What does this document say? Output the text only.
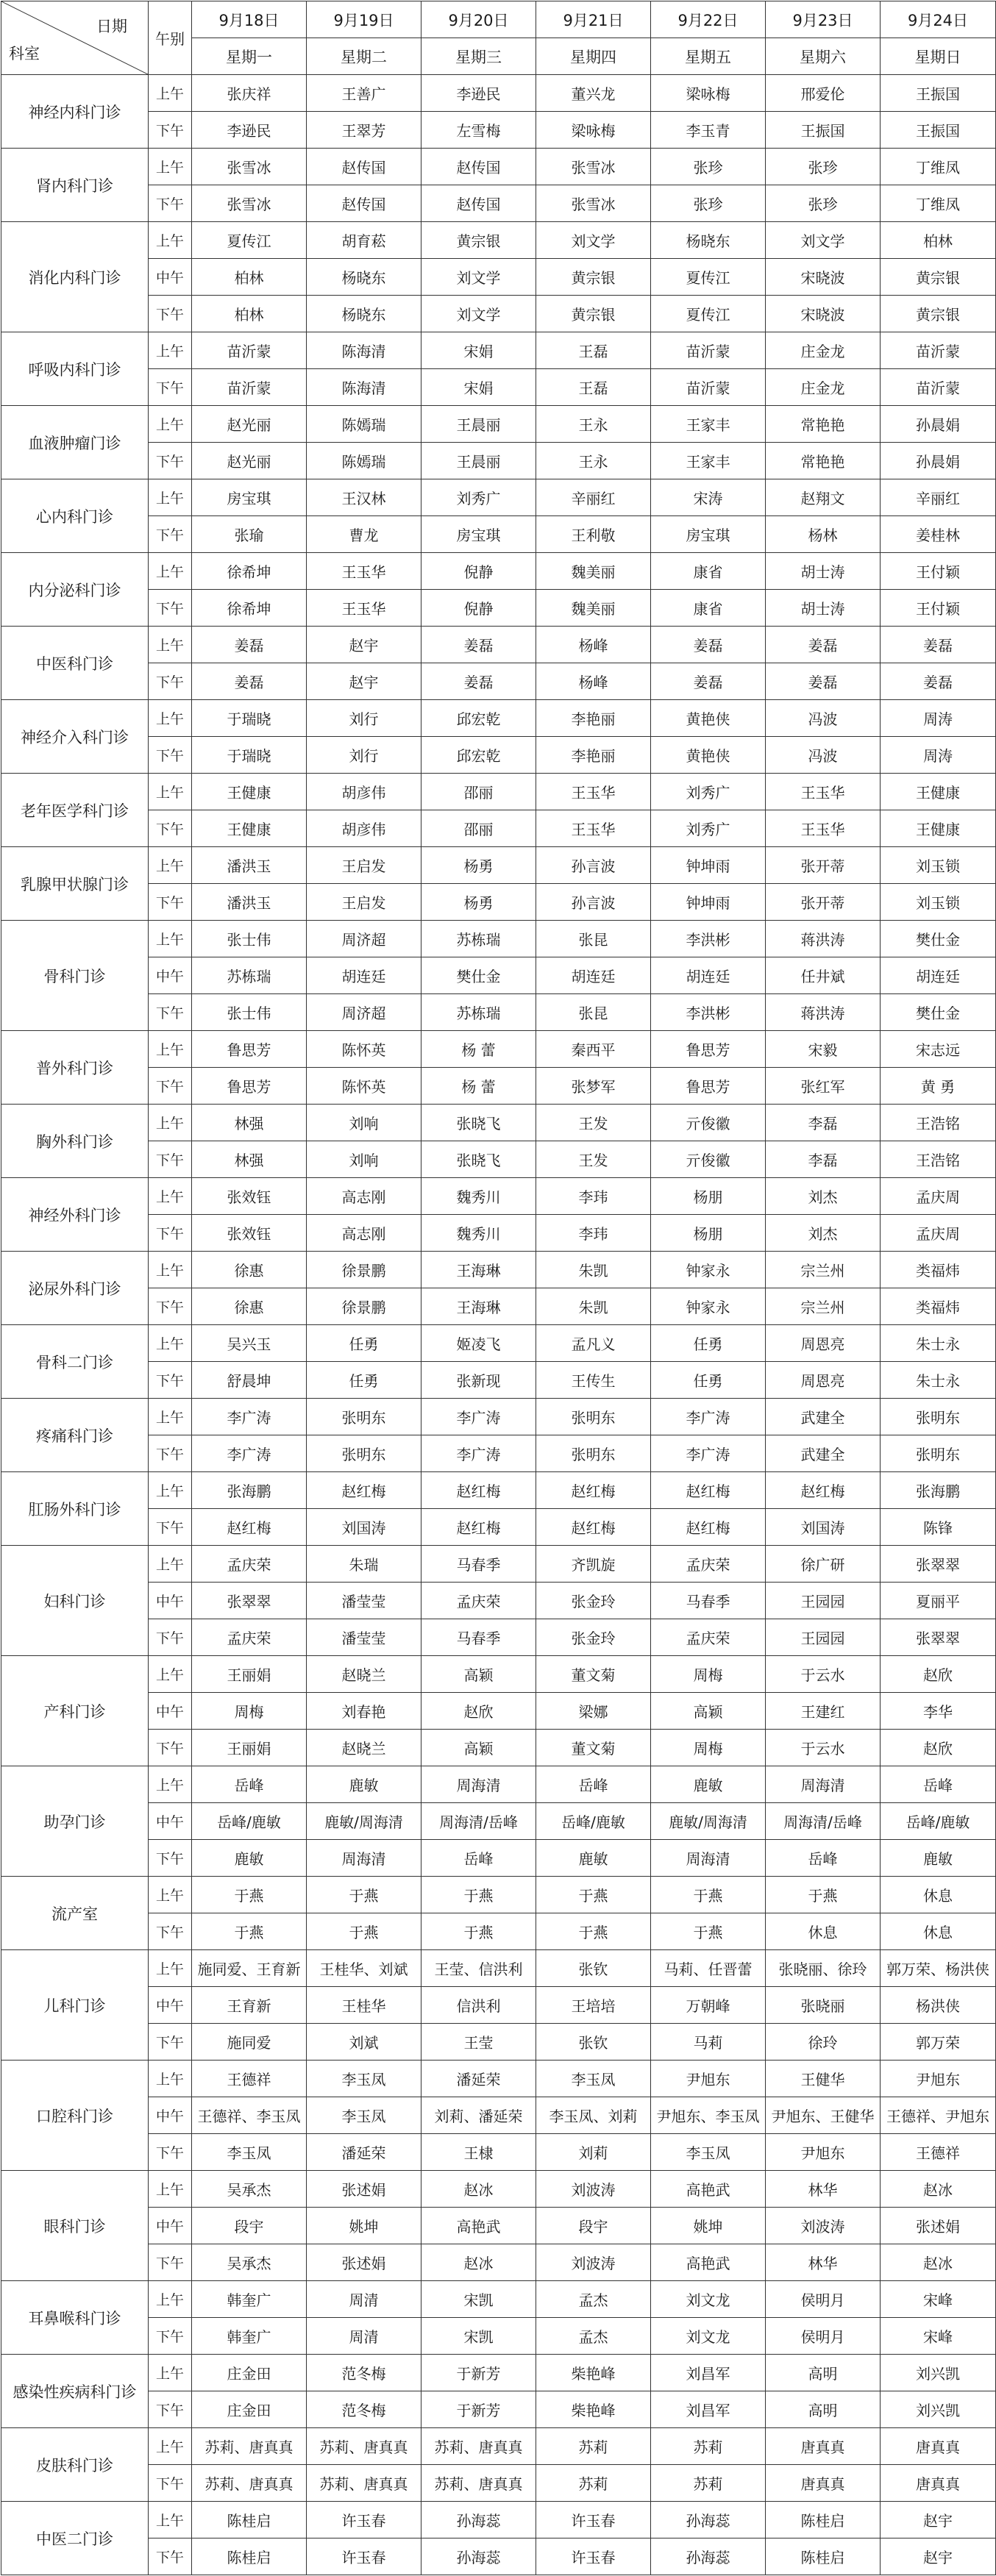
日期
科室	午别	9月18日	9月19日	9月20日	9月21日	9月22日	9月23日	9月24日
		星期一	星期二	星期三	星期四	星期五	星期六	星期日
神经内科门诊	上午	张庆祥	王善广	李逊民	董兴龙	梁咏梅	邢爱伦	王振国
	下午	李逊民	王翠芳	左雪梅	梁咏梅	李玉青	王振国	王振国
肾内科门诊	上午	张雪冰	赵传国	赵传国	张雪冰	张珍	张珍	丁维凤
	下午	张雪冰	赵传国	赵传国	张雪冰	张珍	张珍	丁维凤
消化内科门诊	上午	夏传江	胡育菘	黄宗银	刘文学	杨晓东	刘文学	柏林
	中午	柏林	杨晓东	刘文学	黄宗银	夏传江	宋晓波	黄宗银
	下午	柏林	杨晓东	刘文学	黄宗银	夏传江	宋晓波	黄宗银
呼吸内科门诊	上午	苗沂蒙	陈海清	宋娟	王磊	苗沂蒙	庄金龙	苗沂蒙
	下午	苗沂蒙	陈海清	宋娟	王磊	苗沂蒙	庄金龙	苗沂蒙
血液肿瘤门诊	上午	赵光丽	陈嫣瑞	王晨丽	王永	王家丰	常艳艳	孙晨娟
	下午	赵光丽	陈嫣瑞	王晨丽	王永	王家丰	常艳艳	孙晨娟
心内科门诊	上午	房宝琪	王汉林	刘秀广	辛丽红	宋涛	赵翔文	辛丽红
	下午	张瑜	曹龙	房宝琪	王利敬	房宝琪	杨林	姜桂林
内分泌科门诊	上午	徐希坤	王玉华	倪静	魏美丽	康省	胡士涛	王付颖
	下午	徐希坤	王玉华	倪静	魏美丽	康省	胡士涛	王付颖
中医科门诊	上午	姜磊	赵宇	姜磊	杨峰	姜磊	姜磊	姜磊
	下午	姜磊	赵宇	姜磊	杨峰	姜磊	姜磊	姜磊
神经介入科门诊	上午	于瑞晓	刘行	邱宏乾	李艳丽	黄艳侠	冯波	周涛
	下午	于瑞晓	刘行	邱宏乾	李艳丽	黄艳侠	冯波	周涛
老年医学科门诊	上午	王健康	胡彦伟	邵丽	王玉华	刘秀广	王玉华	王健康
	下午	王健康	胡彦伟	邵丽	王玉华	刘秀广	王玉华	王健康
乳腺甲状腺门诊	上午	潘洪玉	王启发	杨勇	孙言波	钟坤雨	张开蒂	刘玉锁
	下午	潘洪玉	王启发	杨勇	孙言波	钟坤雨	张开蒂	刘玉锁
骨科门诊	上午	张士伟	周济超	苏栋瑞	张昆	李洪彬	蒋洪涛	樊仕金
	中午	苏栋瑞	胡连廷	樊仕金	胡连廷	胡连廷	任井斌	胡连廷
	下午	张士伟	周济超	苏栋瑞	张昆	李洪彬	蒋洪涛	樊仕金
普外科门诊	上午	鲁思芳	陈怀英	杨 蕾	秦西平	鲁思芳	宋毅	宋志远
	下午	鲁思芳	陈怀英	杨 蕾	张梦军	鲁思芳	张红军	黄 勇
胸外科门诊	上午	林强	刘响	张晓飞	王发	亓俊徽	李磊	王浩铭
	下午	林强	刘响	张晓飞	王发	亓俊徽	李磊	王浩铭
神经外科门诊	上午	张效钰	高志刚	魏秀川	李玮	杨朋	刘杰	孟庆周
	下午	张效钰	高志刚	魏秀川	李玮	杨朋	刘杰	孟庆周
泌尿外科门诊	上午	徐惠	徐景鹏	王海琳	朱凯	钟家永	宗兰州	类福炜
	下午	徐惠	徐景鹏	王海琳	朱凯	钟家永	宗兰州	类福炜
骨科二门诊	上午	吴兴玉	任勇	姬凌飞	孟凡义	任勇	周恩亮	朱士永
	下午	舒晨坤	任勇	张新现	王传生	任勇	周恩亮	朱士永
疼痛科门诊	上午	李广涛	张明东	李广涛	张明东	李广涛	武建全	张明东
	下午	李广涛	张明东	李广涛	张明东	李广涛	武建全	张明东
肛肠外科门诊	上午	张海鹏	赵红梅	赵红梅	赵红梅	赵红梅	赵红梅	张海鹏
	下午	赵红梅	刘国涛	赵红梅	赵红梅	赵红梅	刘国涛	陈锋
妇科门诊	上午	孟庆荣	朱瑞	马春季	齐凯旋	孟庆荣	徐广研	张翠翠
	中午	张翠翠	潘莹莹	孟庆荣	张金玲	马春季	王园园	夏丽平
	下午	孟庆荣	潘莹莹	马春季	张金玲	孟庆荣	王园园	张翠翠
产科门诊	上午	王丽娟	赵晓兰	高颖	董文菊	周梅	于云水	赵欣
	中午	周梅	刘春艳	赵欣	梁娜	高颖	王建红	李华
	下午	王丽娟	赵晓兰	高颖	董文菊	周梅	于云水	赵欣
助孕门诊	上午	岳峰	鹿敏	周海清	岳峰	鹿敏	周海清	岳峰
	中午	岳峰/鹿敏	鹿敏/周海清	周海清/岳峰	岳峰/鹿敏	鹿敏/周海清	周海清/岳峰	岳峰/鹿敏
	下午	鹿敏	周海清	岳峰	鹿敏	周海清	岳峰	鹿敏
流产室	上午	于燕	于燕	于燕	于燕	于燕	于燕	休息
	下午	于燕	于燕	于燕	于燕	于燕	休息	休息
儿科门诊	上午	施同爱、王育新	王桂华、刘斌	王莹、信洪利	张钦	马莉、任晋蕾	张晓丽、徐玲	郭万荣、杨洪侠
	中午	王育新	王桂华	信洪利	王培培	万朝峰	张晓丽	杨洪侠
	下午	施同爱	刘斌	王莹	张钦	马莉	徐玲	郭万荣
口腔科门诊	上午	王德祥	李玉凤	潘延荣	李玉凤	尹旭东	王健华	尹旭东
	中午	王德祥、李玉凤	李玉凤	刘莉、潘延荣	李玉凤、刘莉	尹旭东、李玉凤	尹旭东、王健华	王德祥、尹旭东
	下午	李玉凤	潘延荣	王棣	刘莉	李玉凤	尹旭东	王德祥
眼科门诊	上午	吴承杰	张述娟	赵冰	刘波涛	高艳武	林华	赵冰
	中午	段宇	姚坤	高艳武	段宇	姚坤	刘波涛	张述娟
	下午	吴承杰	张述娟	赵冰	刘波涛	高艳武	林华	赵冰
耳鼻喉科门诊	上午	韩奎广	周清	宋凯	孟杰	刘文龙	侯明月	宋峰
	下午	韩奎广	周清	宋凯	孟杰	刘文龙	侯明月	宋峰
感染性疾病科门诊	上午	庄金田	范冬梅	于新芳	柴艳峰	刘昌军	高明	刘兴凯
	下午	庄金田	范冬梅	于新芳	柴艳峰	刘昌军	高明	刘兴凯
皮肤科门诊	上午	苏莉、唐真真	苏莉、唐真真	苏莉、唐真真	苏莉	苏莉	唐真真	唐真真
	下午	苏莉、唐真真	苏莉、唐真真	苏莉、唐真真	苏莉	苏莉	唐真真	唐真真
中医二门诊	上午	陈桂启	许玉春	孙海蕊	许玉春	孙海蕊	陈桂启	赵宇
	下午	陈桂启	许玉春	孙海蕊	许玉春	孙海蕊	陈桂启	赵宇
